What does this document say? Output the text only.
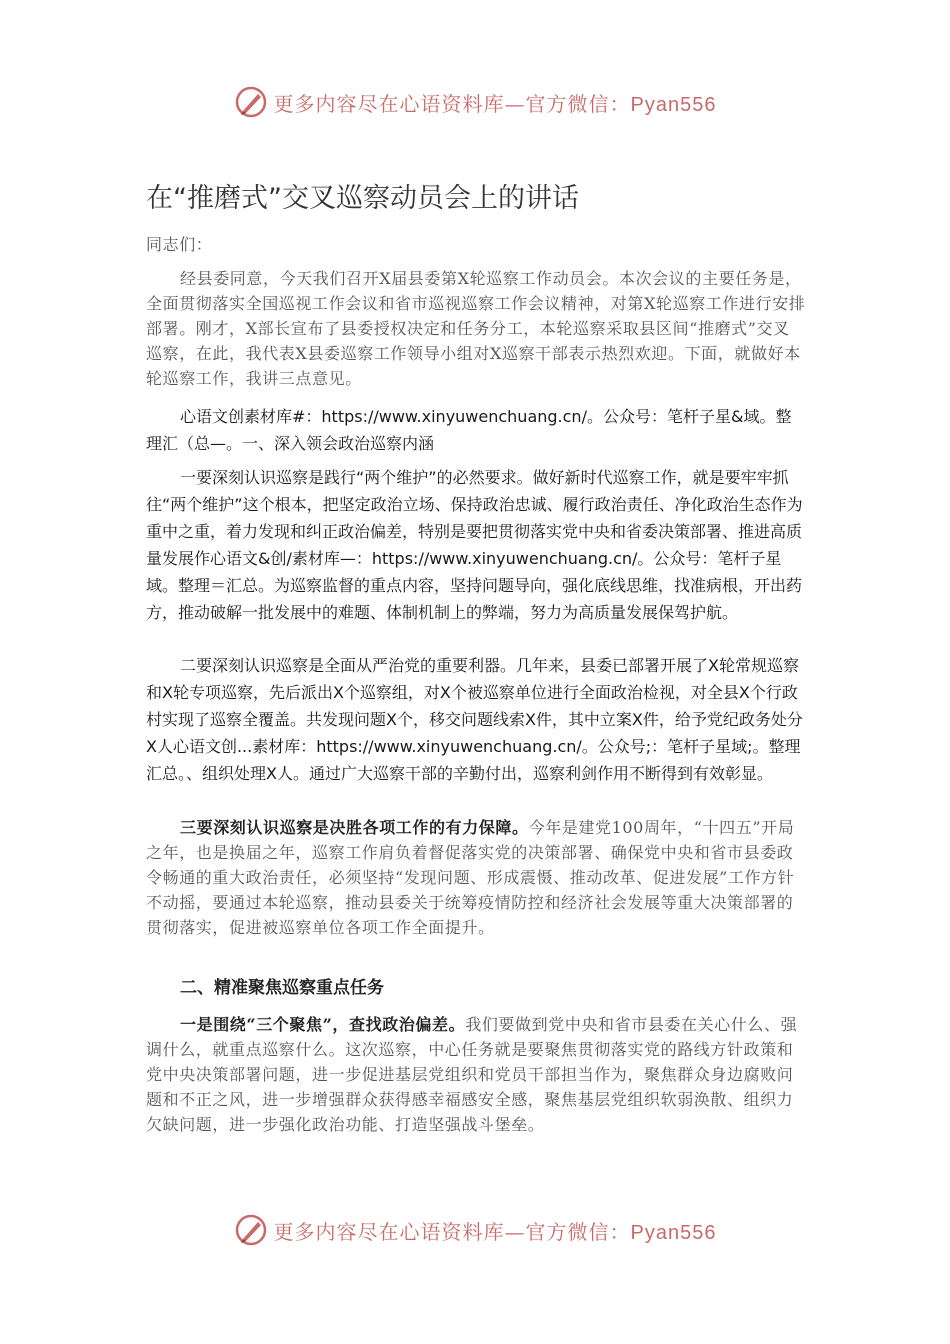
更多内容尽在心语资料库—官方微信：Pyan556
在“推磨式”交叉巡察动员会上的讲话

同志们：

经县委同意，今天我们召开X届县委第X轮巡察工作动员会。本次会议的主要任务是，全面贯彻落实全国巡视工作会议和省市巡视巡察工作会议精神，对第X轮巡察工作进行安排部署。刚才，X部长宣布了县委授权决定和任务分工，本轮巡察采取县区间“推磨式”交叉巡察，在此，我代表X县委巡察工作领导小组对X巡察干部表示热烈欢迎。下面，就做好本轮巡察工作，我讲三点意见。

心语文创素材库#：https://www.xinyuwenchuang.cn/。公众号：笔杆子星&域。整理汇（总—。一、深入领会政治巡察内涵

一要深刻认识巡察是践行“两个维护”的必然要求。做好新时代巡察工作，就是要牢牢抓往“两个维护”这个根本，把坚定政治立场、保持政治忠诚、履行政治责任、净化政治生态作为重中之重，着力发现和纠正政治偏差，特别是要把贯彻落实党中央和省委决策部署、推进高质量发展作心语文&创/素材库—：https://www.xinyuwenchuang.cn/。公众号：笔杆子星域。整理＝汇总。为巡察监督的重点内容，坚持问题导向，强化底线思维，找准病根，开出药方，推动破解一批发展中的难题、体制机制上的弊端，努力为高质量发展保驾护航。

二要深刻认识巡察是全面从严治党的重要利器。几年来，县委已部署开展了X轮常规巡察和X轮专项巡察，先后派出X个巡察组，对X个被巡察单位进行全面政治检视，对全县X个行政村实现了巡察全覆盖。共发现问题X个，移交问题线索X件，其中立案X件，给予党纪政务处分X人心语文创...素材库：https://www.xinyuwenchuang.cn/。公众号;：笔杆子星域;。整理汇总。、组织处理X人。通过广大巡察干部的辛勤付出，巡察利剑作用不断得到有效彰显。

三要深刻认识巡察是决胜各项工作的有力保障。今年是建党100周年，“十四五”开局之年，也是换届之年，巡察工作肩负着督促落实党的决策部署、确保党中央和省市县委政令畅通的重大政治责任，必须坚持“发现问题、形成震慑、推动改革、促进发展”工作方针不动摇，要通过本轮巡察，推动县委关于统筹疫情防控和经济社会发展等重大决策部署的贯彻落实，促进被巡察单位各项工作全面提升。

二、精准聚焦巡察重点任务

一是围绕“三个聚焦”，查找政治偏差。我们要做到党中央和省市县委在关心什么、强调什么，就重点巡察什么。这次巡察，中心任务就是要聚焦贯彻落实党的路线方针政策和党中央决策部署问题，进一步促进基层党组织和党员干部担当作为，聚焦群众身边腐败问题和不正之风，进一步增强群众获得感幸福感安全感，聚焦基层党组织软弱涣散、组织力欠缺问题，进一步强化政治功能、打造坚强战斗堡垒。

更多内容尽在心语资料库—官方微信：Pyan556
